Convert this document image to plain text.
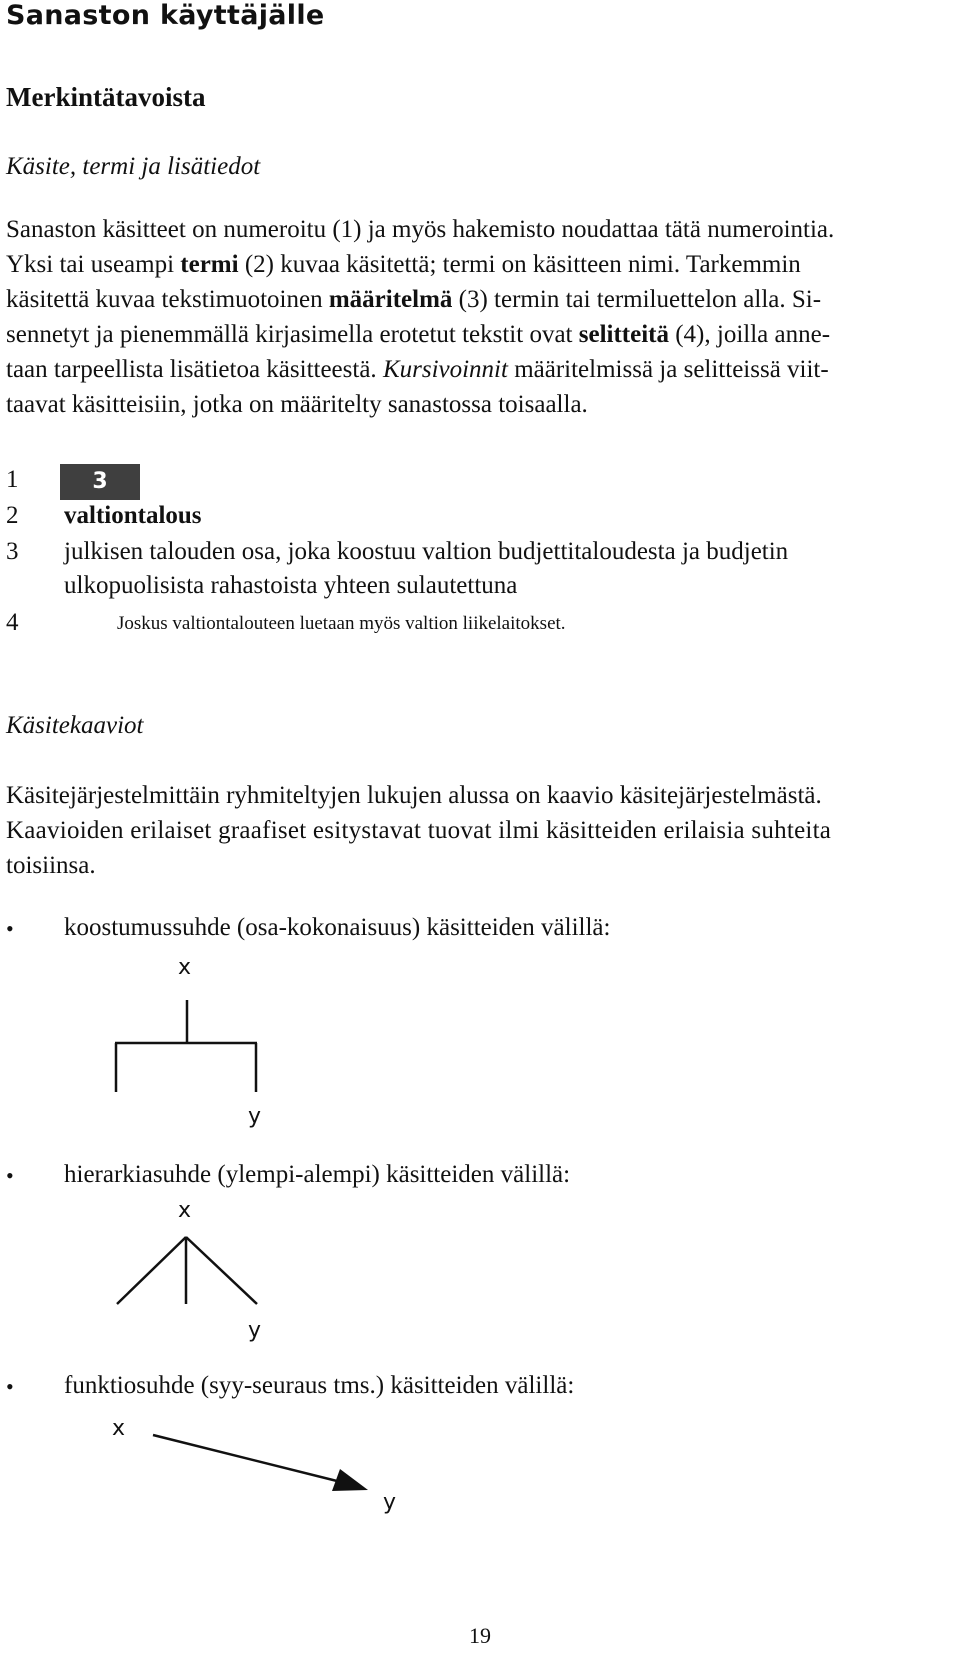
Sanaston käyttäjälle
Merkintätavoista
Käsite, termi ja lisätiedot
Sanaston käsitteet on numeroitu (1) ja myös hakemisto noudattaa tätä numerointia.
Yksi tai useampi termi (2) kuvaa käsitettä; termi on käsitteen nimi. Tarkemmin
käsitettä kuvaa tekstimuotoinen määritelmä (3) termin tai termiluettelon alla. Si-
sennetyt ja pienemmällä kirjasimella erotetut tekstit ovat selitteitä (4), joilla anne-
taan tarpeellista lisätietoa käsitteestä. Kursivoinnit määritelmissä ja selitteissä viit-
taavat käsitteisiin, jotka on määritelty sanastossa toisaalla.
1	3
2 valtiontalous
3 julkisen talouden osa, joka koostuu valtion budjettitaloudesta ja budjetin
ulkopuolisista rahastoista yhteen sulautettuna
4	Joskus valtiontalouteen luetaan myös valtion liikelaitokset.
Käsitekaaviot
Käsitejärjestelmittäin ryhmiteltyjen lukujen alussa on kaavio käsitejärjestelmästä.
Kaavioiden erilaiset graafiset esitystavat tuovat ilmi käsitteiden erilaisia suhteita
toisiinsa.
• koostumussuhde (osa-kokonaisuus) käsitteiden välillä:
x
y
• hierarkiasuhde (ylempi-alempi) käsitteiden välillä:
x
y
• funktiosuhde (syy-seuraus tms.) käsitteiden välillä:
x
y
19
